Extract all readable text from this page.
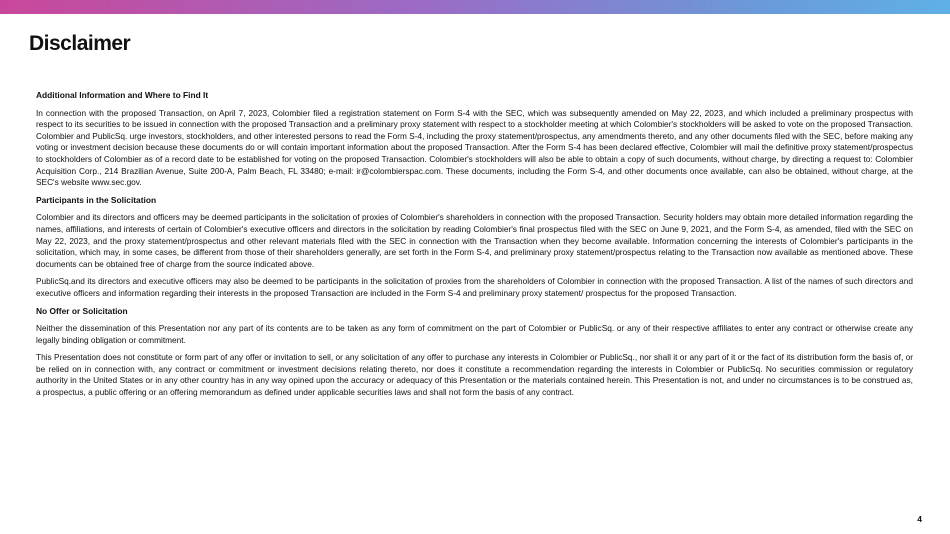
Disclaimer
Additional Information and Where to Find It

In connection with the proposed Transaction, on April 7, 2023, Colombier filed a registration statement on Form S-4 with the SEC, which was subsequently amended on May 22, 2023, and which included a preliminary prospectus with respect to its securities to be issued in connection with the proposed Transaction and a preliminary proxy statement with respect to a stockholder meeting at which Colombier's stockholders will be asked to vote on the proposed Transaction. Colombier and PublicSq. urge investors, stockholders, and other interested persons to read the Form S-4, including the proxy statement/prospectus, any amendments thereto, and any other documents filed with the SEC, before making any voting or investment decision because these documents do or will contain important information about the proposed Transaction. After the Form S-4 has been declared effective, Colombier will mail the definitive proxy statement/prospectus to stockholders of Colombier as of a record date to be established for voting on the proposed Transaction. Colombier's stockholders will also be able to obtain a copy of such documents, without charge, by directing a request to: Colombier Acquisition Corp., 214 Brazilian Avenue, Suite 200-A, Palm Beach, FL 33480; e-mail: ir@colombierspac.com. These documents, including the Form S-4, and other documents once available, can also be obtained, without charge, at the SEC's website www.sec.gov.

Participants in the Solicitation

Colombier and its directors and officers may be deemed participants in the solicitation of proxies of Colombier's shareholders in connection with the proposed Transaction. Security holders may obtain more detailed information regarding the names, affiliations, and interests of certain of Colombier's executive officers and directors in the solicitation by reading Colombier's final prospectus filed with the SEC on June 9, 2021, and the Form S-4, as amended, filed with the SEC on May 22, 2023, and the proxy statement/prospectus and other relevant materials filed with the SEC in connection with the Transaction when they become available. Information concerning the interests of Colombier's participants in the solicitation, which may, in some cases, be different from those of their shareholders generally, are set forth in the Form S-4, and preliminary proxy statement/prospectus relating to the Transaction now available as mentioned above. These documents can be obtained free of charge from the source indicated above.

PublicSq.and its directors and executive officers may also be deemed to be participants in the solicitation of proxies from the shareholders of Colombier in connection with the proposed Transaction. A list of the names of such directors and executive officers and information regarding their interests in the proposed Transaction are included in the Form S-4 and preliminary proxy statement/ prospectus for the proposed Transaction.

No Offer or Solicitation

Neither the dissemination of this Presentation nor any part of its contents are to be taken as any form of commitment on the part of Colombier or PublicSq. or any of their respective affiliates to enter any contract or otherwise create any legally binding obligation or commitment.

This Presentation does not constitute or form part of any offer or invitation to sell, or any solicitation of any offer to purchase any interests in Colombier or PublicSq., nor shall it or any part of it or the fact of its distribution form the basis of, or be relied on in connection with, any contract or commitment or investment decisions relating thereto, nor does it constitute a recommendation regarding the interests in Colombier or PublicSq. No securities commission or regulatory authority in the United States or in any other country has in any way opined upon the accuracy or adequacy of this Presentation or the materials contained herein. This Presentation is not, and under no circumstances is to be construed as, a prospectus, a public offering or an offering memorandum as defined under applicable securities laws and shall not form the basis of any contract.

4
